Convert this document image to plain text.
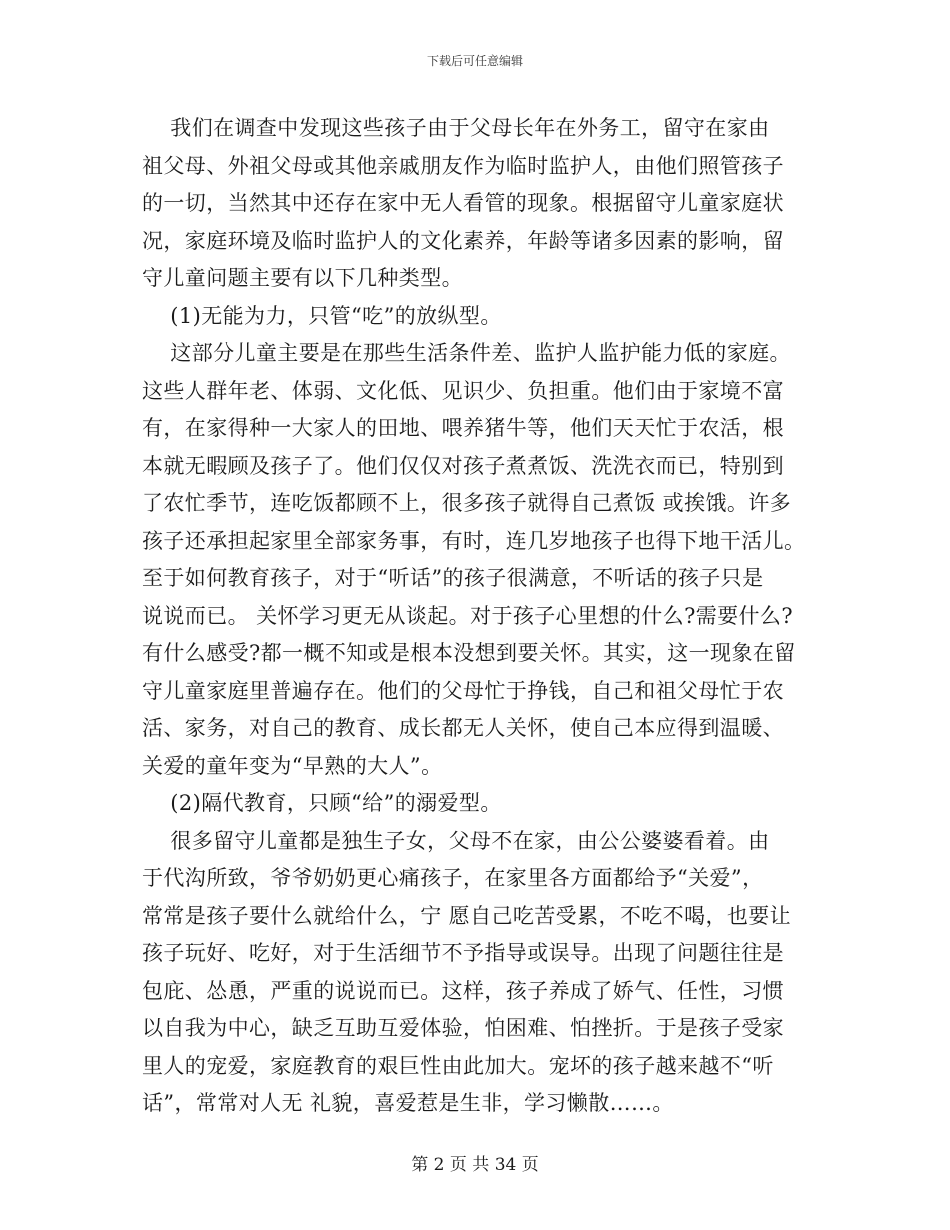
下载后可任意编辑
我们在调查中发现这些孩子由于父母长年在外务工，留守在家由
祖父母、外祖父母或其他亲戚朋友作为临时监护人，由他们照管孩子
的一切，当然其中还存在家中无人看管的现象。根据留守儿童家庭状
况，家庭环境及临时监护人的文化素养，年龄等诸多因素的影响，留
守儿童问题主要有以下几种类型。
(1)无能为力，只管“吃”的放纵型。
这部分儿童主要是在那些生活条件差、监护人监护能力低的家庭。
这些人群年老、体弱、文化低、见识少、负担重。他们由于家境不富
有，在家得种一大家人的田地、喂养猪牛等，他们天天忙于农活，根
本就无暇顾及孩子了。他们仅仅对孩子煮煮饭、洗洗衣而已，特别到
了农忙季节，连吃饭都顾不上，很多孩子就得自己煮饭 或挨饿。许多
孩子还承担起家里全部家务事，有时，连几岁地孩子也得下地干活儿。
至于如何教育孩子，对于“听话”的孩子很满意，不听话的孩子只是
说说而已。 关怀学习更无从谈起。对于孩子心里想的什么?需要什么?
有什么感受?都一概不知或是根本没想到要关怀。其实，这一现象在留
守儿童家庭里普遍存在。他们的父母忙于挣钱，自己和祖父母忙于农
活、家务，对自己的教育、成长都无人关怀，使自己本应得到温暖、
关爱的童年变为“早熟的大人”。
(2)隔代教育，只顾“给”的溺爱型。
很多留守儿童都是独生子女，父母不在家，由公公婆婆看着。由
于代沟所致，爷爷奶奶更心痛孩子，在家里各方面都给予“关爱”，
常常是孩子要什么就给什么，宁 愿自己吃苦受累，不吃不喝，也要让
孩子玩好、吃好，对于生活细节不予指导或误导。出现了问题往往是
包庇、怂恿，严重的说说而已。这样，孩子养成了娇气、任性，习惯
以自我为中心，缺乏互助互爱体验，怕困难、怕挫折。于是孩子受家
里人的宠爱，家庭教育的艰巨性由此加大。宠坏的孩子越来越不“听
话”，常常对人无 礼貌，喜爱惹是生非，学习懒散……。
第 2 页 共 34 页
